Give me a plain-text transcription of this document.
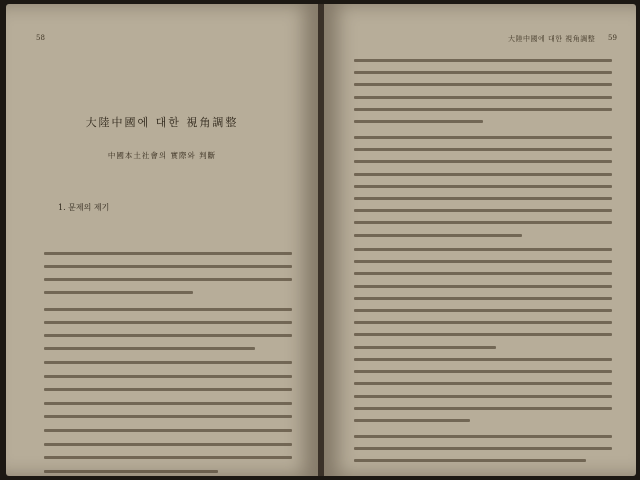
58
大陸中國에 대한 視角調整
中國本土社會의 實際와 判斷
1. 문제의 제기
大陸中國에 대한 視角調整 59
